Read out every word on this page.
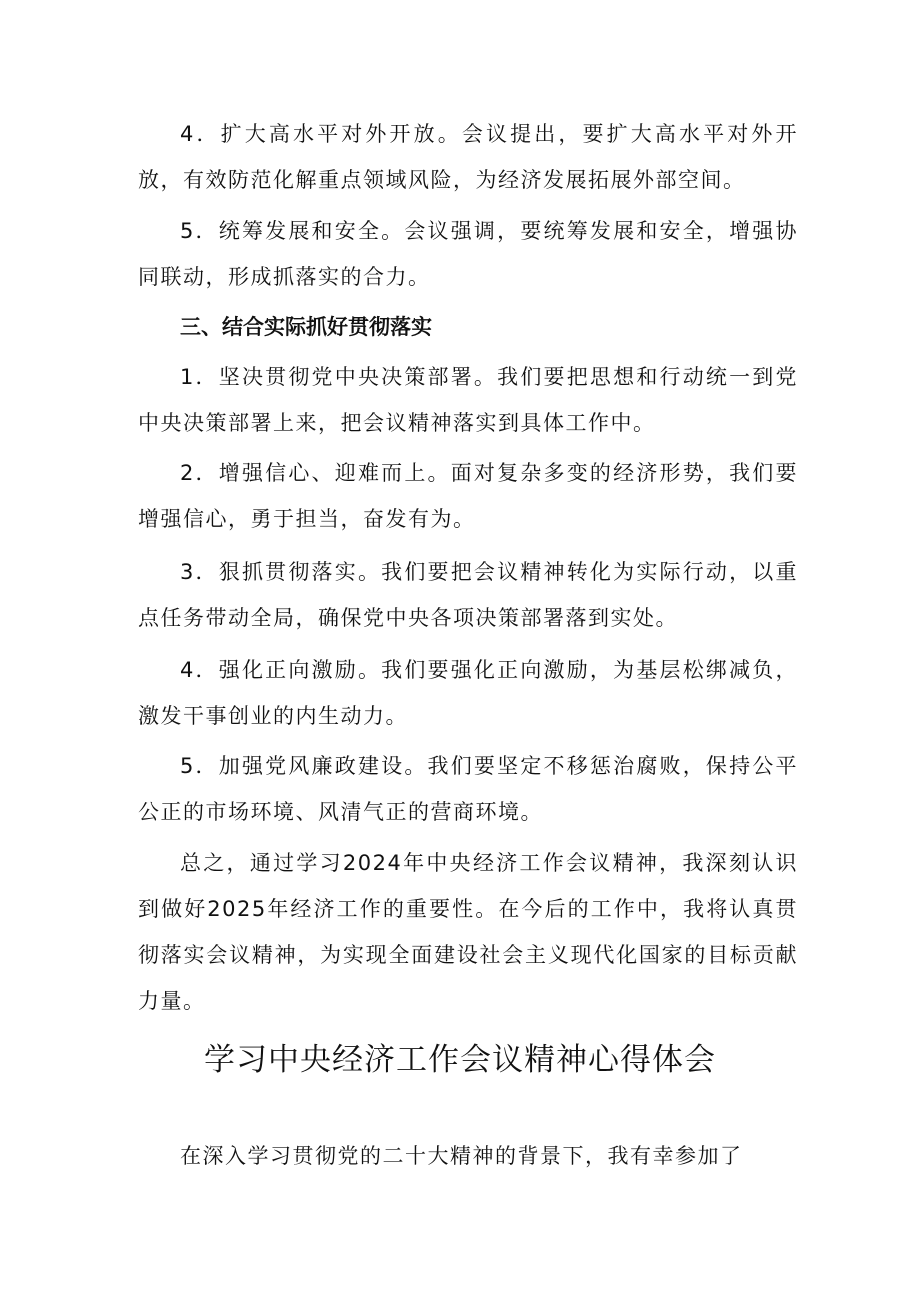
4．扩大高水平对外开放。会议提出，要扩大高水平对外开放，有效防范化解重点领域风险，为经济发展拓展外部空间。

5．统筹发展和安全。会议强调，要统筹发展和安全，增强协同联动，形成抓落实的合力。

三、结合实际抓好贯彻落实

1．坚决贯彻党中央决策部署。我们要把思想和行动统一到党中央决策部署上来，把会议精神落实到具体工作中。

2．增强信心、迎难而上。面对复杂多变的经济形势，我们要增强信心，勇于担当，奋发有为。

3．狠抓贯彻落实。我们要把会议精神转化为实际行动，以重点任务带动全局，确保党中央各项决策部署落到实处。

4．强化正向激励。我们要强化正向激励，为基层松绑减负，激发干事创业的内生动力。

5．加强党风廉政建设。我们要坚定不移惩治腐败，保持公平公正的市场环境、风清气正的营商环境。

总之，通过学习2024年中央经济工作会议精神，我深刻认识到做好2025年经济工作的重要性。在今后的工作中，我将认真贯彻落实会议精神，为实现全面建设社会主义现代化国家的目标贡献力量。

学习中央经济工作会议精神心得体会

在深入学习贯彻党的二十大精神的背景下，我有幸参加了
